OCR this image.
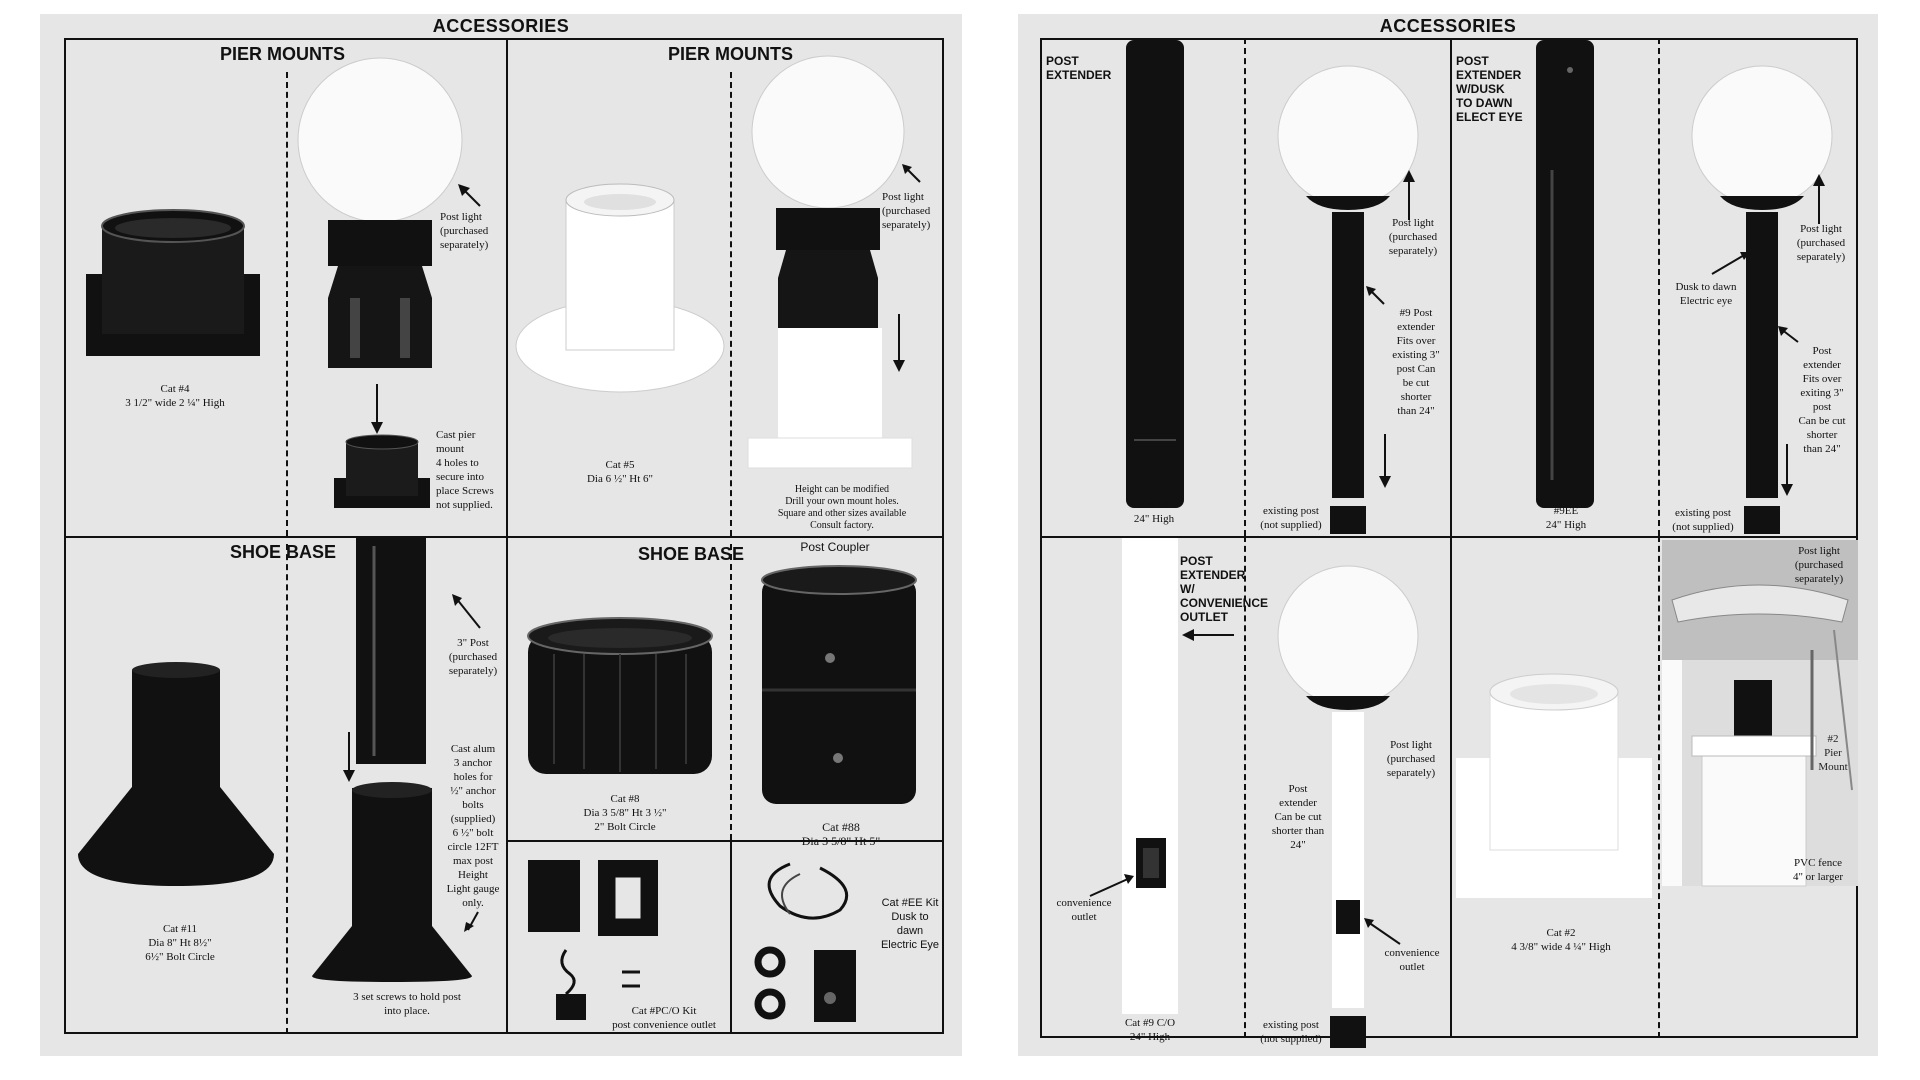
ACCESSORIES
PIER MOUNTS
Cat #4
3 1/2" wide 2 ¼" High
Post light
(purchased
separately)
Cast pier
mount
4 holes to
secure into
place Screws
not supplied.
PIER MOUNTS
Cat #5
Dia 6 ½" Ht 6"
Post light
(purchased
separately)
Height can be modified
Drill your own mount holes.
Square and other sizes available
Consult factory.
SHOE BASE
Cat #11
Dia 8" Ht 8½"
6½" Bolt Circle
3" Post
(purchased
separately)
Cast alum
3 anchor
holes for
½" anchor
bolts
(supplied)
6 ½" bolt
circle 12FT
max post
Height
Light gauge
only.
3 set screws to hold post
into place.
SHOE BASE	Post Coupler
Cat #8
Dia 3 5/8" Ht 3 ½"
2" Bolt Circle	Cat #88
Dia 3 5/8" Ht 5"
Cat #PC/O Kit
post convenience outlet
Cat #EE Kit
Dusk to
dawn
Electric Eye
ACCESSORIES
POST
EXTENDER
Cat #9
24" High
Post light
(purchased
separately)
#9 Post
extender
Fits over
existing 3"
post Can
be cut
shorter
than 24"
existing post
(not supplied)
POST
EXTENDER
W/DUSK
TO DAWN
ELECT EYE
#9EE
24" High
Dusk to dawn
Electric eye
Post light
(purchased
separately)
Post
extender
Fits over
exiting 3"
post
Can be cut
shorter
than 24"
existing post
(not supplied)
POST
EXTENDER
W/
CONVENIENCE
OUTLET
convenience
outlet
Cat #9 C/O
24" High
Post
extender
Can be cut
shorter than
24"
Post light
(purchased
separately)
convenience
outlet
existing post
(not supplied)
Cat #2
4 3/8" wide 4 ¼" High
Post light
(purchased
separately)
#2
Pier
Mount
PVC fence
4" or larger
